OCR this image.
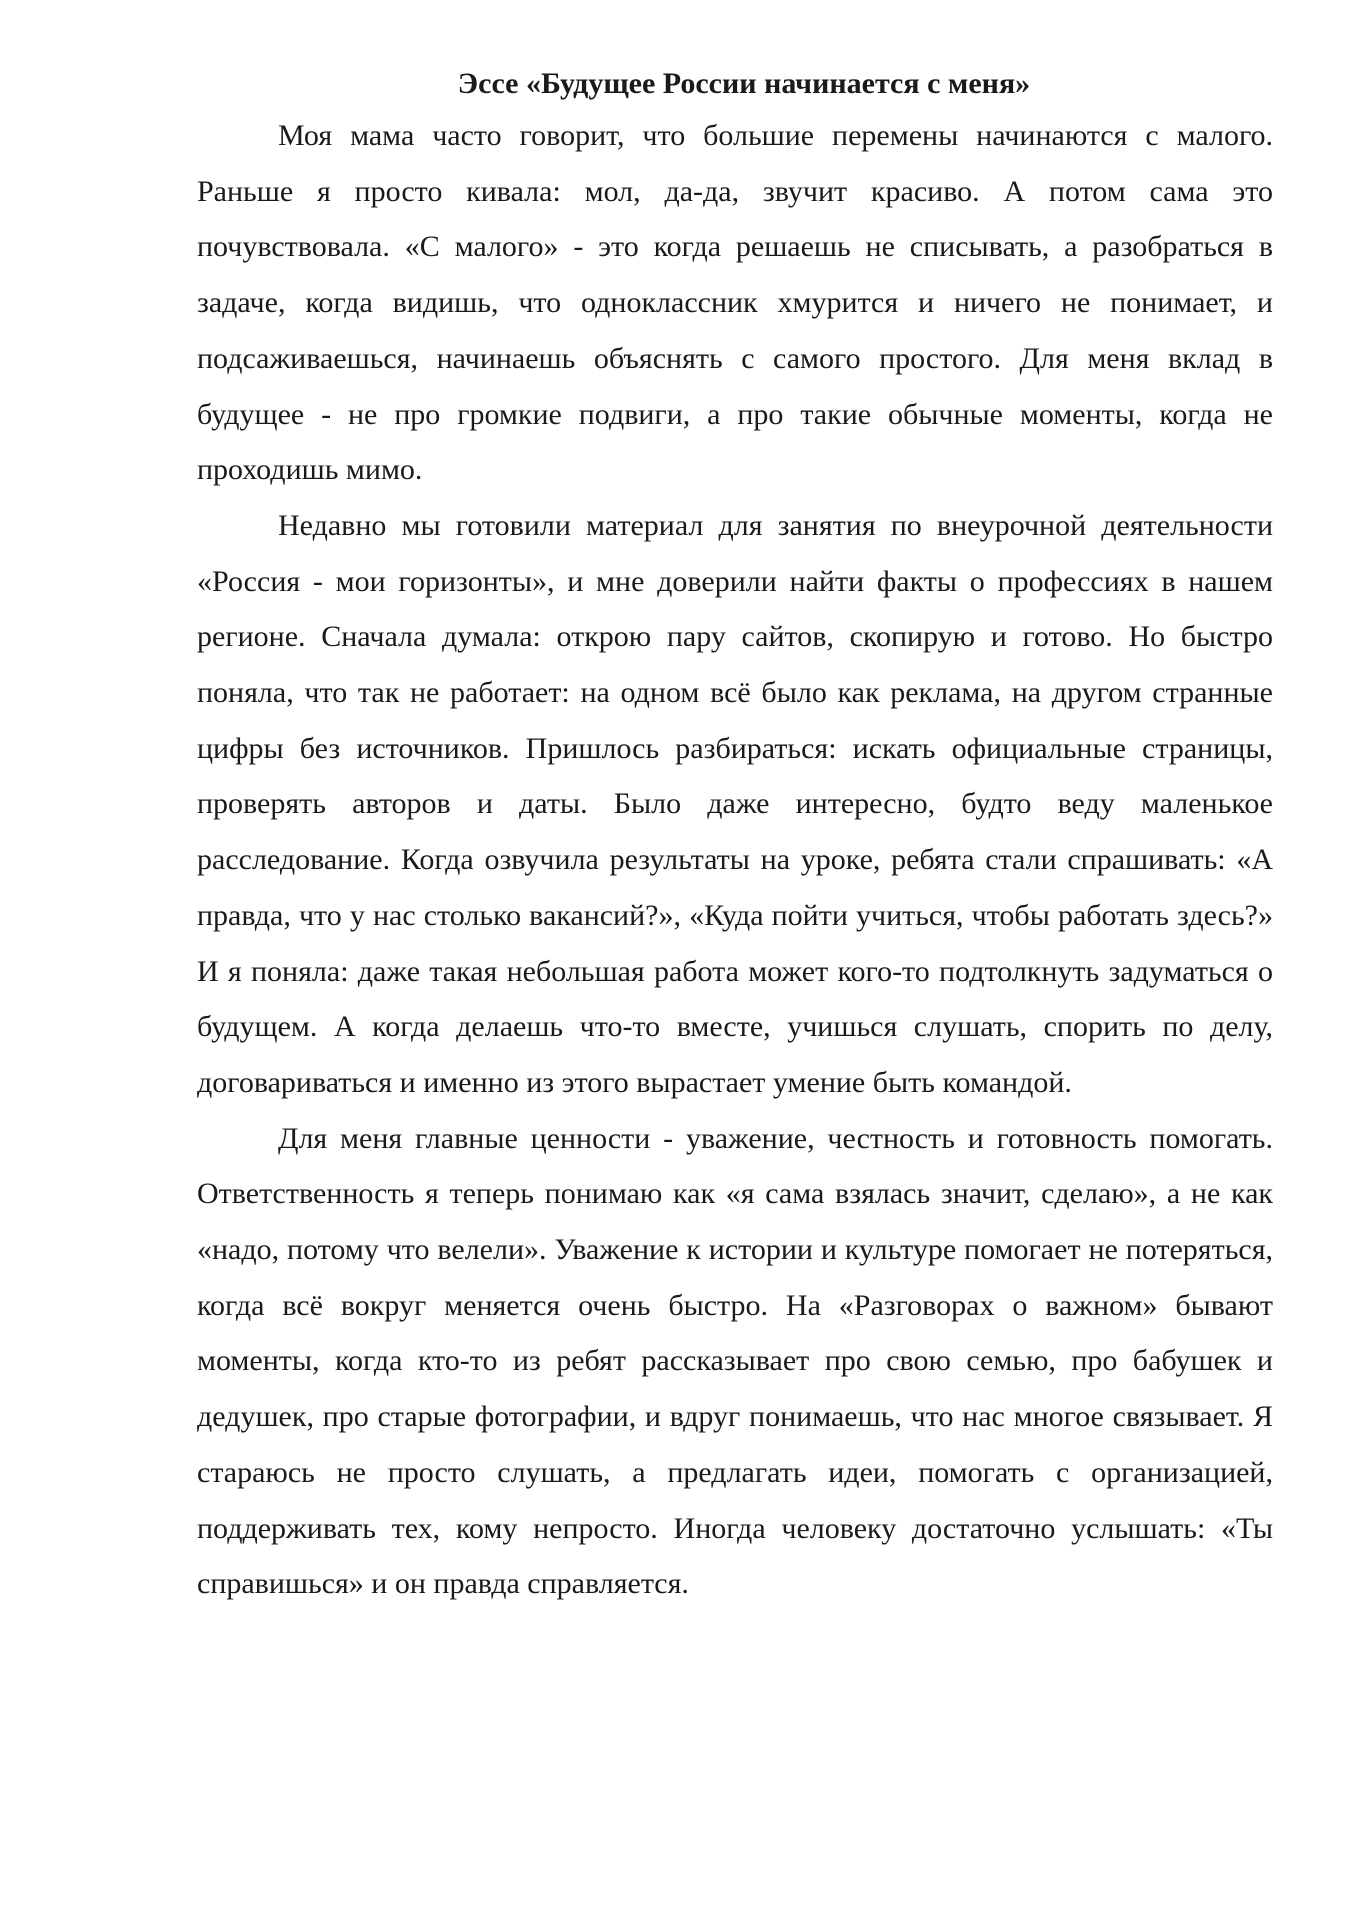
Эссе «Будущее России начинается с меня»

Моя мама часто говорит, что большие перемены начинаются с малого. Раньше я просто кивала: мол, да-да, звучит красиво. А потом сама это почувствовала. «С малого» - это когда решаешь не списывать, а разобраться в задаче, когда видишь, что одноклассник хмурится и ничего не понимает, и подсаживаешься, начинаешь объяснять с самого простого. Для меня вклад в будущее - не про громкие подвиги, а про такие обычные моменты, когда не проходишь мимо.

Недавно мы готовили материал для занятия по внеурочной деятельности «Россия - мои горизонты», и мне доверили найти факты о профессиях в нашем регионе. Сначала думала: открою пару сайтов, скопирую и готово. Но быстро поняла, что так не работает: на одном всё было как реклама, на другом странные цифры без источников. Пришлось разбираться: искать официальные страницы, проверять авторов и даты. Было даже интересно, будто веду маленькое расследование. Когда озвучила результаты на уроке, ребята стали спрашивать: «А правда, что у нас столько вакансий?», «Куда пойти учиться, чтобы работать здесь?» И я поняла: даже такая небольшая работа может кого-то подтолкнуть задуматься о будущем. А когда делаешь что-то вместе, учишься слушать, спорить по делу, договариваться и именно из этого вырастает умение быть командой.

Для меня главные ценности - уважение, честность и готовность помогать. Ответственность я теперь понимаю как «я сама взялась значит, сделаю», а не как «надо, потому что велели». Уважение к истории и культуре помогает не потеряться, когда всё вокруг меняется очень быстро. На «Разговорах о важном» бывают моменты, когда кто-то из ребят рассказывает про свою семью, про бабушек и дедушек, про старые фотографии, и вдруг понимаешь, что нас многое связывает. Я стараюсь не просто слушать, а предлагать идеи, помогать с организацией, поддерживать тех, кому непросто. Иногда человеку достаточно услышать: «Ты справишься» и он правда справляется.
